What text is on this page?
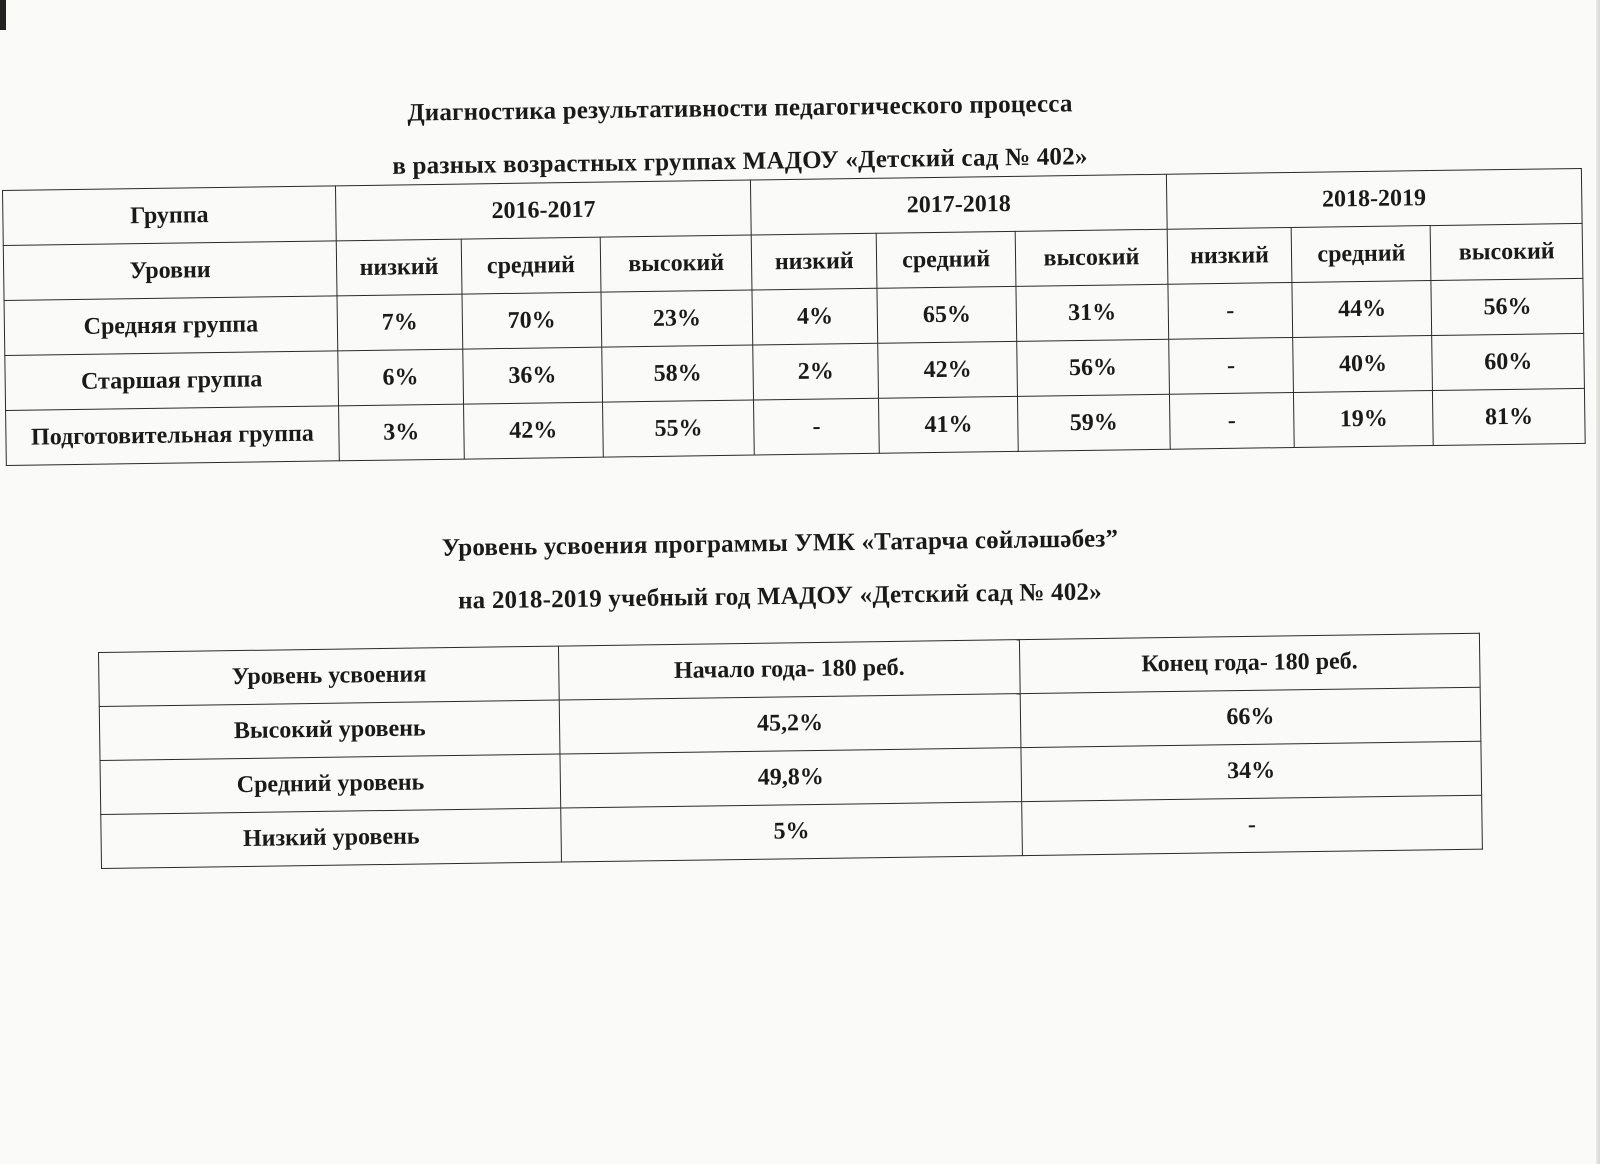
Диагностика результативности педагогического процесса
в разных возрастных группах МАДОУ «Детский сад № 402»
Группа	2016-2017			2017-2018			2018-2019		
Уровни	низкий	средний	высокий	низкий	средний	высокий	низкий	средний	высокий
Средняя группа	7%	70%	23%	4%	65%	31%	-	44%	56%
Старшая группа	6%	36%	58%	2%	42%	56%	-	40%	60%
Подготовительная группа	3%	42%	55%	-	41%	59%	-	19%	81%
Уровень усвоения программы УМК «Татарча сөйләшәбез”
на 2018-2019 учебный год МАДОУ «Детский сад № 402»
Уровень усвоения	Начало года- 180 реб.	Конец года- 180 реб.
Высокий уровень	45,2%	66%
Средний уровень	49,8%	34%
Низкий уровень	5%	-
